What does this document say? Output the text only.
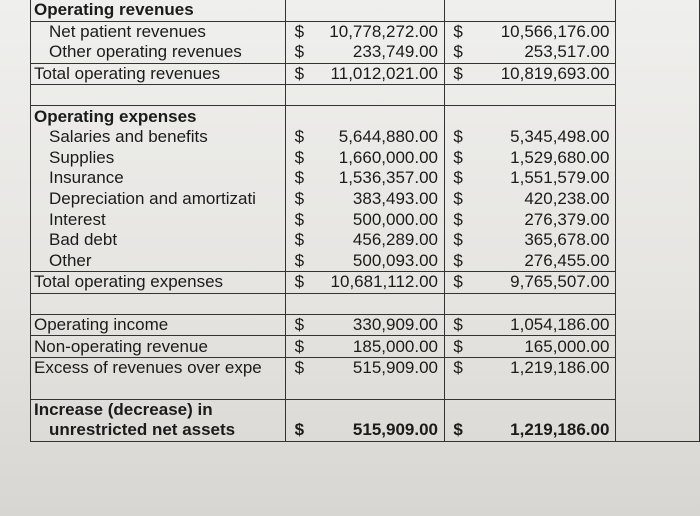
Operating revenues					
Net patient revenues	$	10,778,272.00	$	10,566,176.00	
Other operating revenues	$	233,749.00	$	253,517.00	
Total operating revenues	$	11,012,021.00	$	10,819,693.00	

Operating expenses					
Salaries and benefits	$	5,644,880.00	$	5,345,498.00	
Supplies	$	1,660,000.00	$	1,529,680.00	
Insurance	$	1,536,357.00	$	1,551,579.00	
Depreciation and amortizati	$	383,493.00	$	420,238.00	
Interest	$	500,000.00	$	276,379.00	
Bad debt	$	456,289.00	$	365,678.00	
Other	$	500,093.00	$	276,455.00	
Total operating expenses	$	10,681,112.00	$	9,765,507.00	

Operating income	$	330,909.00	$	1,054,186.00	
Non-operating revenue	$	185,000.00	$	165,000.00	
Excess of revenues over expe	$	515,909.00	$	1,219,186.00	

Increase (decrease) in					
unrestricted net assets	$	515,909.00	$	1,219,186.00	
